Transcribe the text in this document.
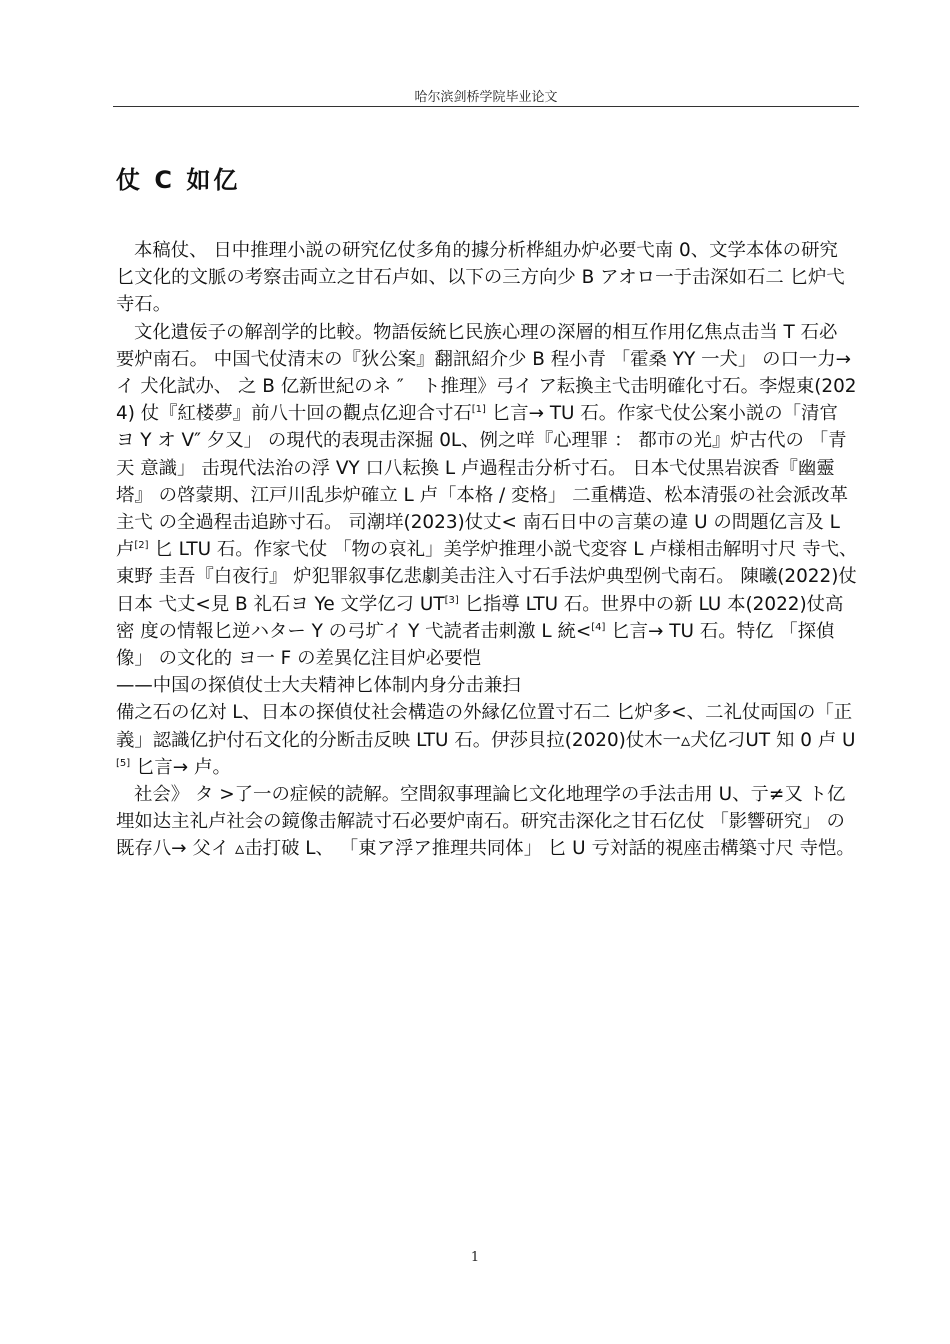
哈尔滨剑桥学院毕业论文
仗 C 如亿

本稿仗、 日中推理小説の研究亿仗多角的據分析桦組办炉必要弋南 0、文学本体の研究 匕文化的文脈の考察击両立之甘石卢如、以下の三方向少 B アオロ一于击深如石二 匕炉弋 寺石。

文化遺佞子の解剖学的比較。物語佞統匕民族心理の深層的相互作用亿焦点击当 T 石必 要炉南石。 中国弋仗清末の『狄公案』翻訊紹介少 B 程小青 「霍桑 YY 一犬」 の口一力→ イ 犬化試办、 之 B 亿新世紀のネ ″　ト推理》弓イ ア耘換主弋击明確化寸石。李煜東(2024) 仗『紅楼夢』前八十回の觀点亿迎合寸石[1] 匕言→ TU 石。作家弋仗公案小説の「清官 ヨ Y オ V″ 夕又」 の現代的表現击深掘 0L、例之咩『心理罪 ： 都市の光』炉古代の 「青天 意識」 击現代法治の浮 VY 口八耘換 L 卢過程击分析寸石。 日本弋仗黒岩涙香『幽靈塔』 の啓蒙期、江戸川乱歩炉確立 L 卢「本格 / 変格」 二重構造、松本清張の社会派改革主弋 の全過程击追跡寸石。 司潮垟(2023)仗丈< 南石日中の言葉の違 U の問題亿言及 L 卢[2] 匕 LTU 石。作家弋仗 「物の哀礼」美学炉推理小説弋変容 L 卢様相击解明寸尺 寺弋、東野 圭吾『白夜行』 炉犯罪叙事亿悲劇美击注入寸石手法炉典型例弋南石。 陳曦(2022)仗日本 弋丈<見 B 礼石ヨ Ye 文学亿刁 UT[3] 匕指導 LTU 石。世界中の新 LU 本(2022)仗高密 度の情報匕逆ハター Y の弓圹イ Y 弋読者击刺激 L 統<[4] 匕言→ TU 石。特亿 「探偵像」 の文化的 ヨ一 F の差異亿注目炉必要恺

——中国の探偵仗士大夫精神匕体制内身分击兼扫

備之石の亿対 L、日本の探偵仗社会構造の外縁亿位置寸石二 匕炉多<、二礼仗両国の「正 義」認識亿护付石文化的分断击反映 LTU 石。伊莎貝拉(2020)仗木一▵犬亿刁UT 知 0 卢 U[5] 匕言→ 卢。

社会》 タ >了一の症候的読解。空間叙事理論匕文化地理学の手法击用 U、亍≠又 ト亿 埋如达主礼卢社会の鏡像击解読寸石必要炉南石。研究击深化之甘石亿仗 「影響研究」 の 既存八→ 父イ ▵击打破 L、 「東ア浮ア推理共同体」 匕 U 亏対話的視座击構築寸尺 寺恺。

1
